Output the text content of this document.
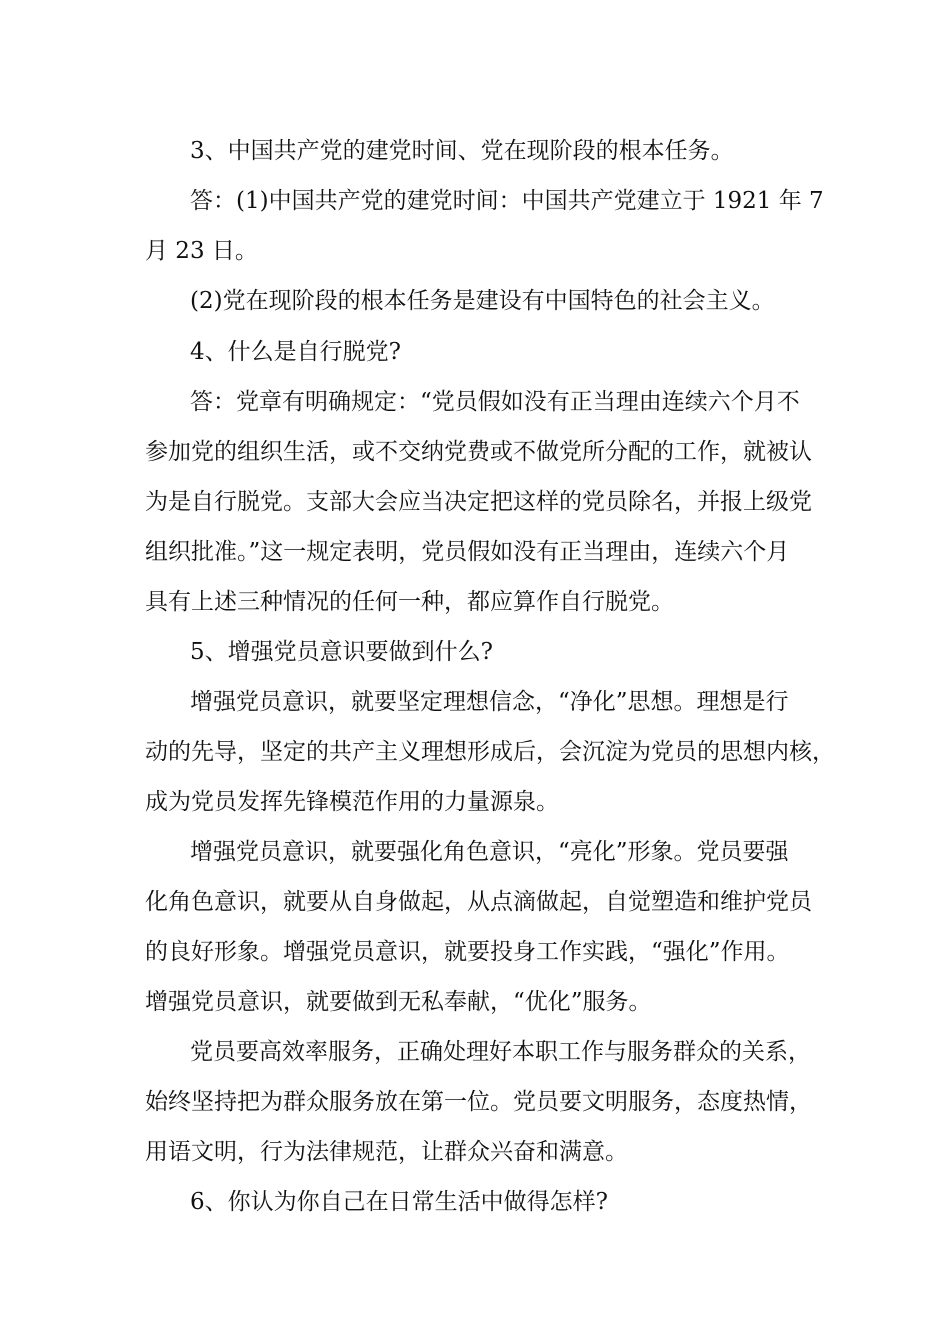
3、中国共产党的建党时间、党在现阶段的根本任务。
答：(1)中国共产党的建党时间：中国共产党建立于 1921 年 7
月 23 日。
(2)党在现阶段的根本任务是建设有中国特色的社会主义。
4、什么是自行脱党?
答：党章有明确规定：“党员假如没有正当理由连续六个月不
参加党的组织生活，或不交纳党费或不做党所分配的工作，就被认
为是自行脱党。支部大会应当决定把这样的党员除名，并报上级党
组织批准。”这一规定表明，党员假如没有正当理由，连续六个月
具有上述三种情况的任何一种，都应算作自行脱党。
5、增强党员意识要做到什么?
增强党员意识，就要坚定理想信念，“净化”思想。理想是行
动的先导，坚定的共产主义理想形成后，会沉淀为党员的思想内核，
成为党员发挥先锋模范作用的力量源泉。
增强党员意识，就要强化角色意识，“亮化”形象。党员要强
化角色意识，就要从自身做起，从点滴做起，自觉塑造和维护党员
的良好形象。增强党员意识，就要投身工作实践，“强化”作用。
增强党员意识，就要做到无私奉献，“优化”服务。
党员要高效率服务，正确处理好本职工作与服务群众的关系，
始终坚持把为群众服务放在第一位。党员要文明服务，态度热情，
用语文明，行为法律规范，让群众兴奋和满意。
6、你认为你自己在日常生活中做得怎样?
